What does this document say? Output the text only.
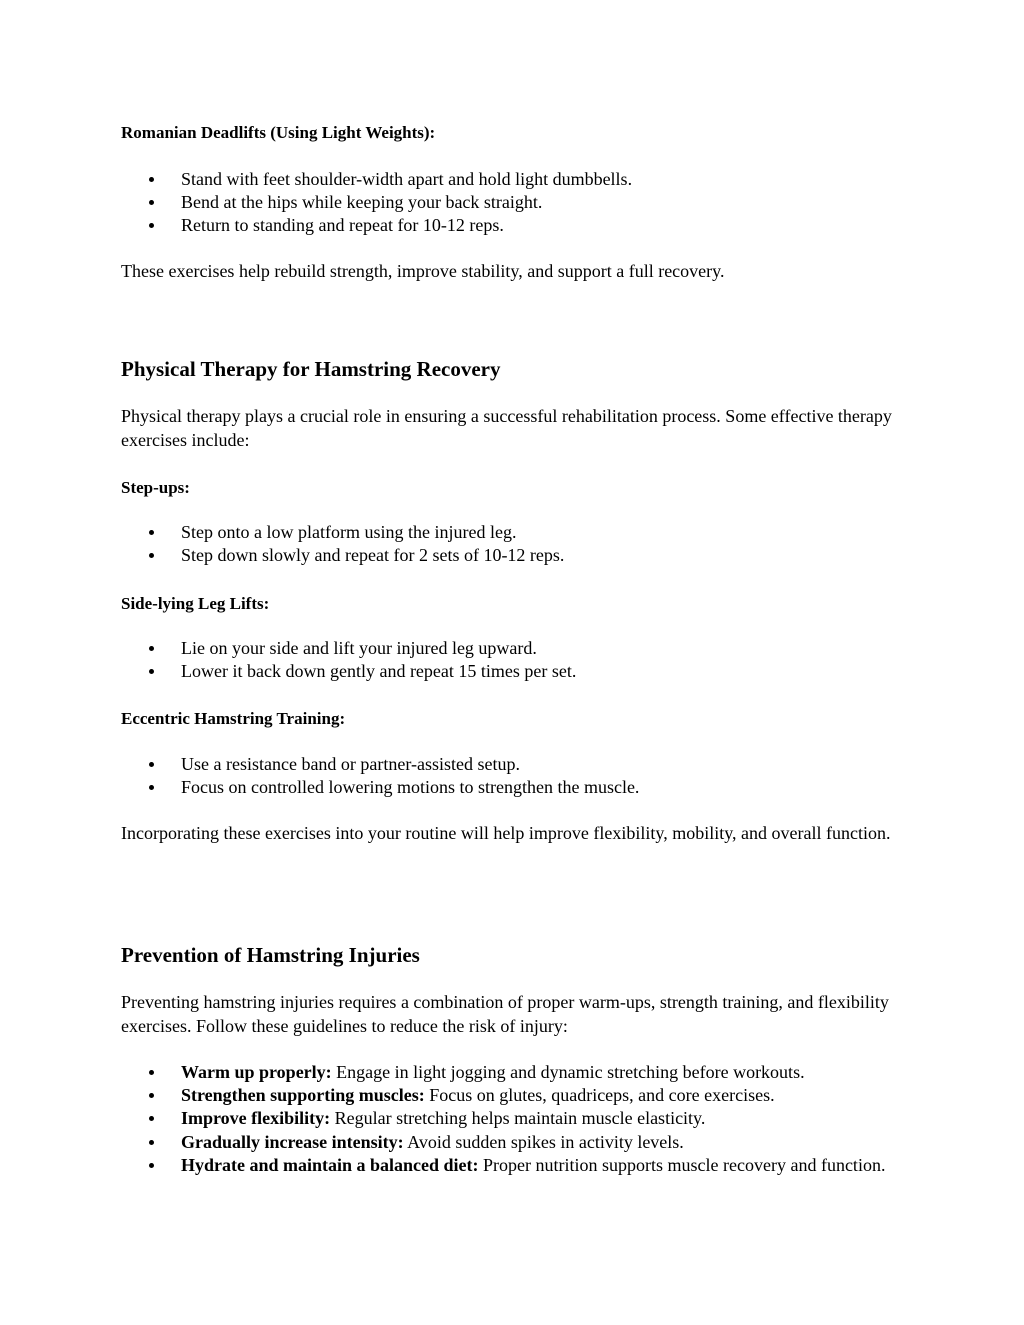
Romanian Deadlifts (Using Light Weights):
Stand with feet shoulder-width apart and hold light dumbbells.
Bend at the hips while keeping your back straight.
Return to standing and repeat for 10-12 reps.
These exercises help rebuild strength, improve stability, and support a full recovery.
Physical Therapy for Hamstring Recovery
Physical therapy plays a crucial role in ensuring a successful rehabilitation process. Some effective therapy exercises include:
Step-ups:
Step onto a low platform using the injured leg.
Step down slowly and repeat for 2 sets of 10-12 reps.
Side-lying Leg Lifts:
Lie on your side and lift your injured leg upward.
Lower it back down gently and repeat 15 times per set.
Eccentric Hamstring Training:
Use a resistance band or partner-assisted setup.
Focus on controlled lowering motions to strengthen the muscle.
Incorporating these exercises into your routine will help improve flexibility, mobility, and overall function.
Prevention of Hamstring Injuries
Preventing hamstring injuries requires a combination of proper warm-ups, strength training, and flexibility exercises. Follow these guidelines to reduce the risk of injury:
Warm up properly: Engage in light jogging and dynamic stretching before workouts.
Strengthen supporting muscles: Focus on glutes, quadriceps, and core exercises.
Improve flexibility: Regular stretching helps maintain muscle elasticity.
Gradually increase intensity: Avoid sudden spikes in activity levels.
Hydrate and maintain a balanced diet: Proper nutrition supports muscle recovery and function.
